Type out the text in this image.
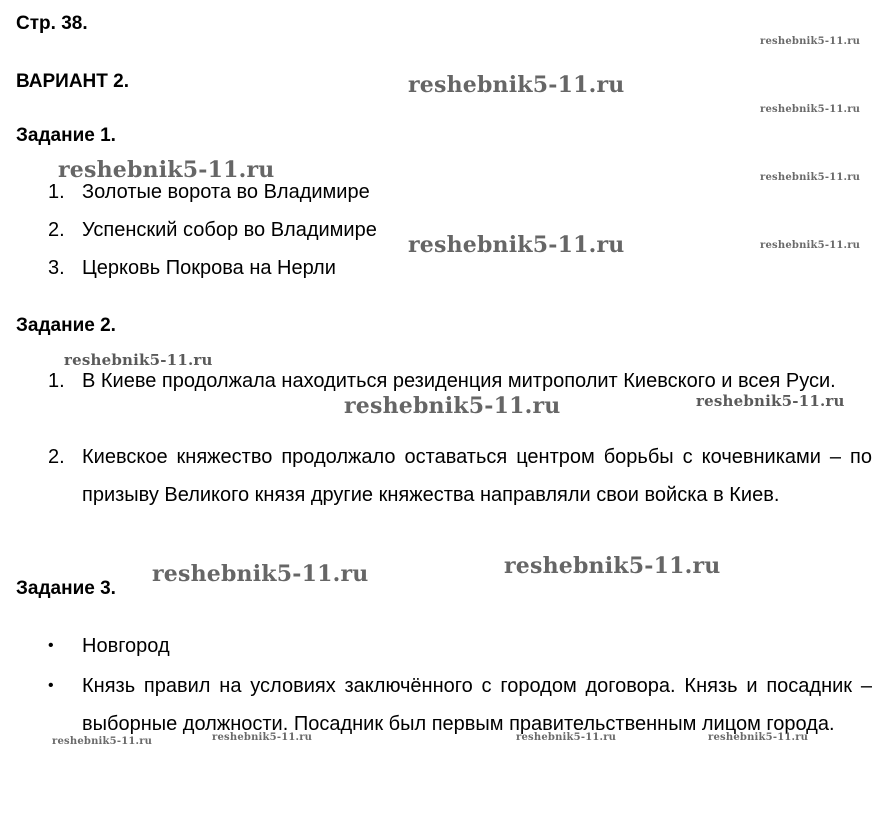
Стр. 38.
ВАРИАНТ 2.
Задание 1.
1. Золотые ворота во Владимире
2. Успенский собор во Владимире
3. Церковь Покрова на Нерли
Задание 2.
1. В Киеве продолжала находиться резиденция митрополит Киевского и всея Руси.
2. Киевское княжество продолжало оставаться центром борьбы с кочевниками – по призыву Великого князя другие княжества направляли свои войска в Киев.
Задание 3.
•	Новгород
•	Князь правил на условиях заключённого с городом договора. Князь и посадник – выборные должности. Посадник был первым правительственным лицом города.
reshebnik5-11.ru
reshebnik5-11.ru
reshebnik5-11.ru
reshebnik5-11.ru	reshebnik5-11.ru
reshebnik5-11.ru	reshebnik5-11.ru
reshebnik5-11.ru
reshebnik5-11.ru	reshebnik5-11.ru
reshebnik5-11.ru
reshebnik5-11.ru
reshebnik5-11.ru	reshebnik5-11.ru	reshebnik5-11.ru	reshebnik5-11.ru
